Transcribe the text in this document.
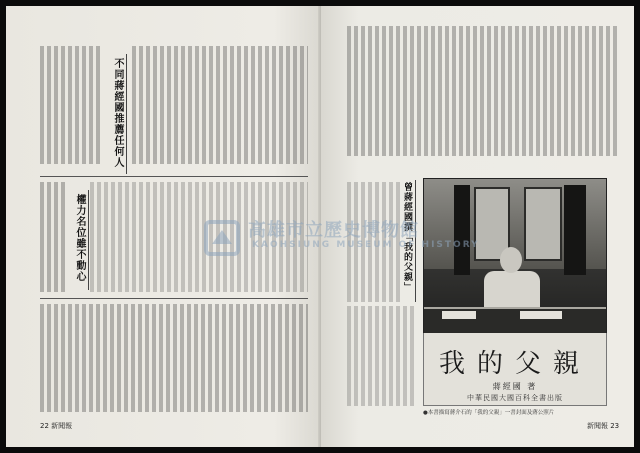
不同蔣經國推薦任何人
權力名位雖不動心
22 新聞報
曾蔣經國撰「我的父親」
我的父親
蔣經國 著
中華民國大國百科全書出版
●本書描寫蔣介石的「我的父親」一書封面及蔣公照片
新聞報 23
高雄市立歷史博物館
KAOHSIUNG MUSEUM OF HISTORY
